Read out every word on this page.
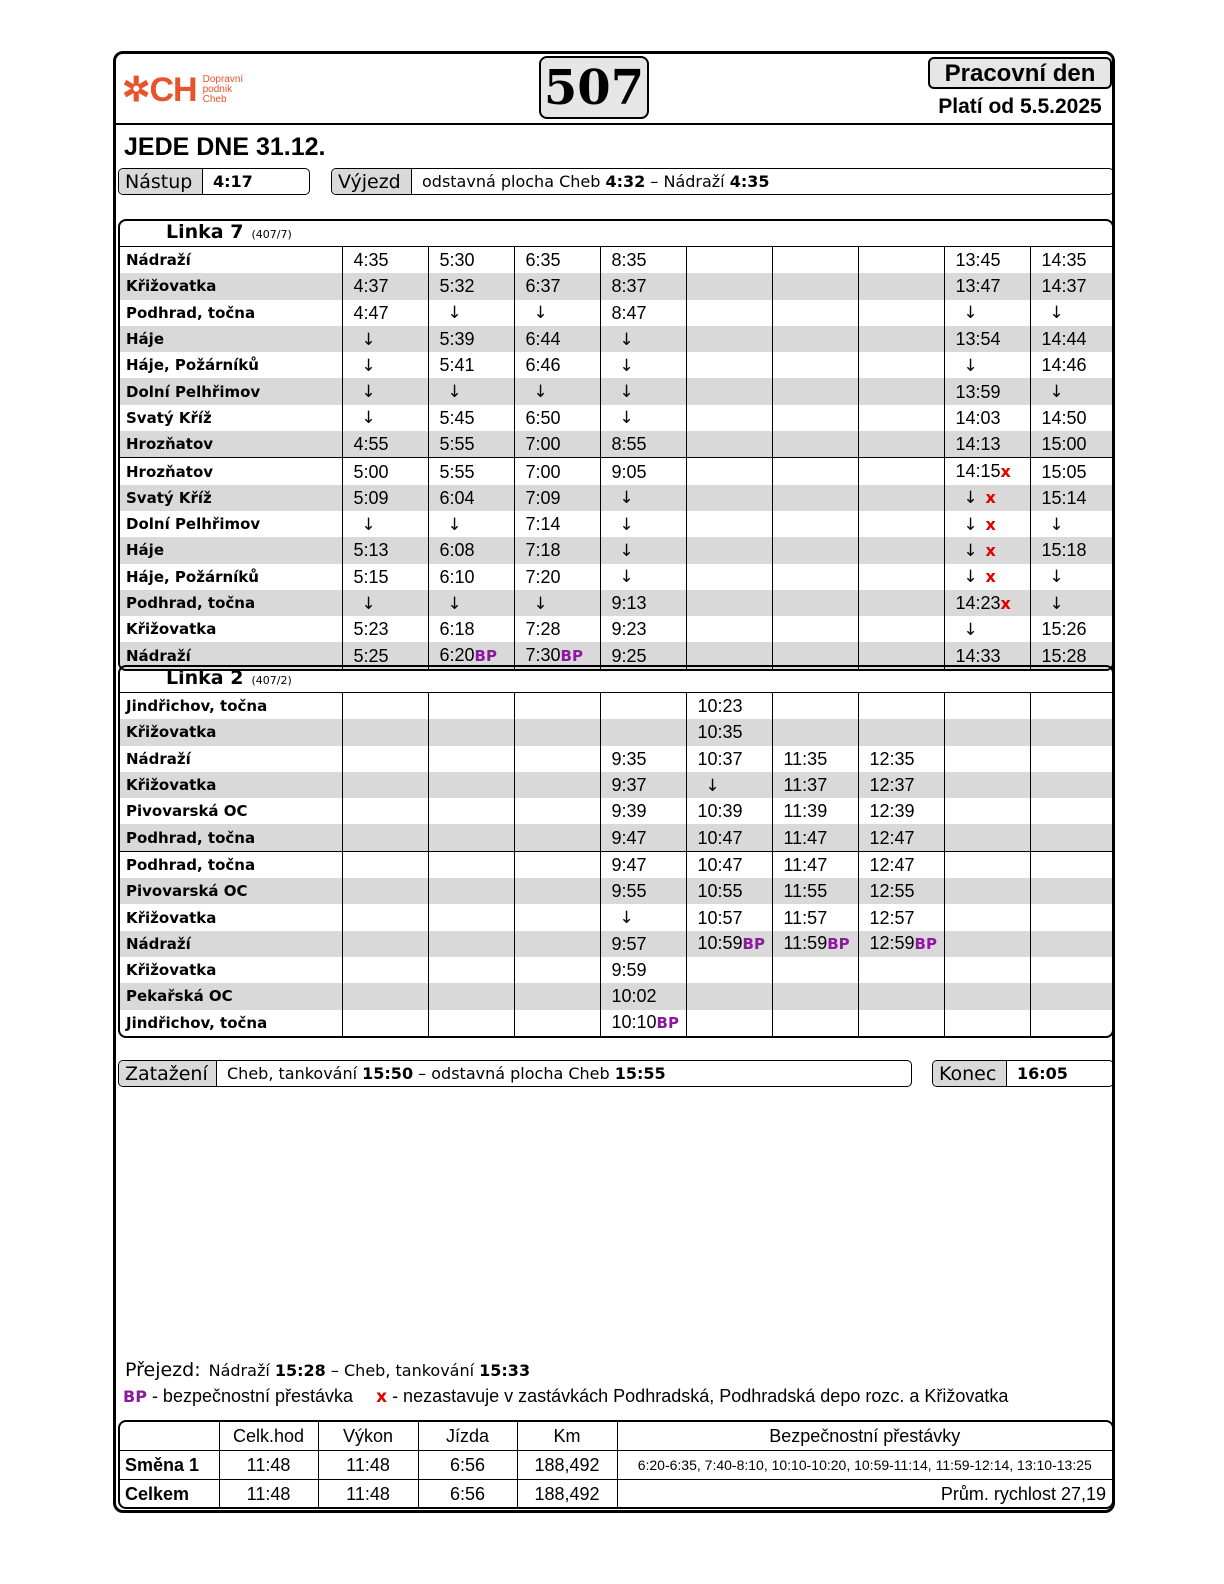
✲CH Dopravní
podnik
Cheb	507	Pracovní den
Platí od 5.5.2025
JEDE DNE 31.12.
Nástup	4:17	Výjezd	odstavná plocha Cheb 4:32 – Nádraží 4:35
Linka 7 (407/7)
Nádraží	4:35	5:30	6:35	8:35				13:45	14:35
Křižovatka	4:37	5:32	6:37	8:37				13:47	14:37
Podhrad, točna	4:47	↓	↓	8:47				↓	↓
Háje	↓	5:39	6:44	↓				13:54	14:44
Háje, Požárníků	↓	5:41	6:46	↓				↓	14:46
Dolní Pelhřimov	↓	↓	↓	↓				13:59	↓
Svatý Kříž	↓	5:45	6:50	↓				14:03	14:50
Hrozňatov	4:55	5:55	7:00	8:55				14:13	15:00
Hrozňatov	5:00	5:55	7:00	9:05				14:15x	15:05
Svatý Kříž	5:09	6:04	7:09	↓				↓ x	15:14
Dolní Pelhřimov	↓	↓	7:14	↓				↓ x	↓
Háje	5:13	6:08	7:18	↓				↓ x	15:18
Háje, Požárníků	5:15	6:10	7:20	↓				↓ x	↓
Podhrad, točna	↓	↓	↓	9:13				14:23x	↓
Křižovatka	5:23	6:18	7:28	9:23				↓	15:26
Nádraží	5:25	6:20BP	7:30BP	9:25				14:33	15:28
Linka 2 (407/2)
Jindřichov, točna					10:23				
Křižovatka					10:35				
Nádraží				9:35	10:37	11:35	12:35		
Křižovatka				9:37	↓	11:37	12:37		
Pivovarská OC				9:39	10:39	11:39	12:39		
Podhrad, točna				9:47	10:47	11:47	12:47		
Podhrad, točna				9:47	10:47	11:47	12:47		
Pivovarská OC				9:55	10:55	11:55	12:55		
Křižovatka				↓	10:57	11:57	12:57		
Nádraží				9:57	10:59BP	11:59BP	12:59BP		
Křižovatka				9:59					
Pekařská OC				10:02					
Jindřichov, točna				10:10BP					
Zatažení	Cheb, tankování 15:50 – odstavná plocha Cheb 15:55	Konec	16:05
Přejezd: Nádraží 15:28 – Cheb, tankování 15:33
BP - bezpečnostní přestávka x - nezastavuje v zastávkách Podhradská, Podhradská depo rozc. a Křižovatka
	Celk.hod	Výkon	Jízda	Km	Bezpečnostní přestávky
Směna 1	11:48	11:48	6:56	188,492	6:20-6:35, 7:40-8:10, 10:10-10:20, 10:59-11:14, 11:59-12:14, 13:10-13:25
Celkem	11:48	11:48	6:56	188,492	Prům. rychlost 27,19
